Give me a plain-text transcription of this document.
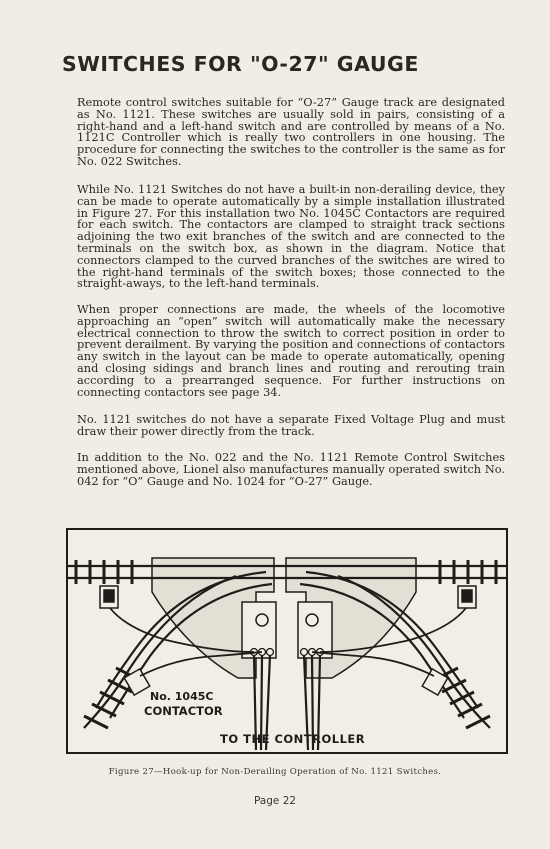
SWITCHES FOR "O-27" GAUGE

Remote control switches suitable for “O-27” Gauge track are designated as No. 1121. These switches are usually sold in pairs, consisting of a right-hand and a left-hand switch and are controlled by means of a No. 1121C Controller which is really two controllers in one housing. The procedure for connecting the switches to the controller is the same as for No. 022 Switches.

While No. 1121 Switches do not have a built-in non-derailing device, they can be made to operate automatically by a simple installation illustrated in Figure 27. For this installation two No. 1045C Contactors are required for each switch. The contactors are clamped to straight track sections adjoining the two exit branches of the switch and are connected to the terminals on the switch box, as shown in the diagram. Notice that connectors clamped to the curved branches of the switches are wired to the right-hand terminals of the switch boxes; those connected to the straight-aways, to the left-hand terminals.

When proper connections are made, the wheels of the locomotive approaching an “open” switch will automatically make the necessary electrical connection to throw the switch to correct position in order to prevent derailment. By varying the position and connections of contactors any switch in the layout can be made to operate automatically, opening and closing sidings and branch lines and routing and rerouting train according to a prearranged sequence. For further instructions on connecting contactors see page 34.

No. 1121 switches do not have a separate Fixed Voltage Plug and must draw their power directly from the track.

In addition to the No. 022 and the No. 1121 Remote Control Switches mentioned above, Lionel also manufactures manually operated switch No. 042 for “O” Gauge and No. 1024 for “O-27” Gauge.

No. 1045C
CONTACTOR
TO THE CONTROLLER
Figure 27—Hook-up for Non-Derailing Operation of No. 1121 Switches.
Page 22
